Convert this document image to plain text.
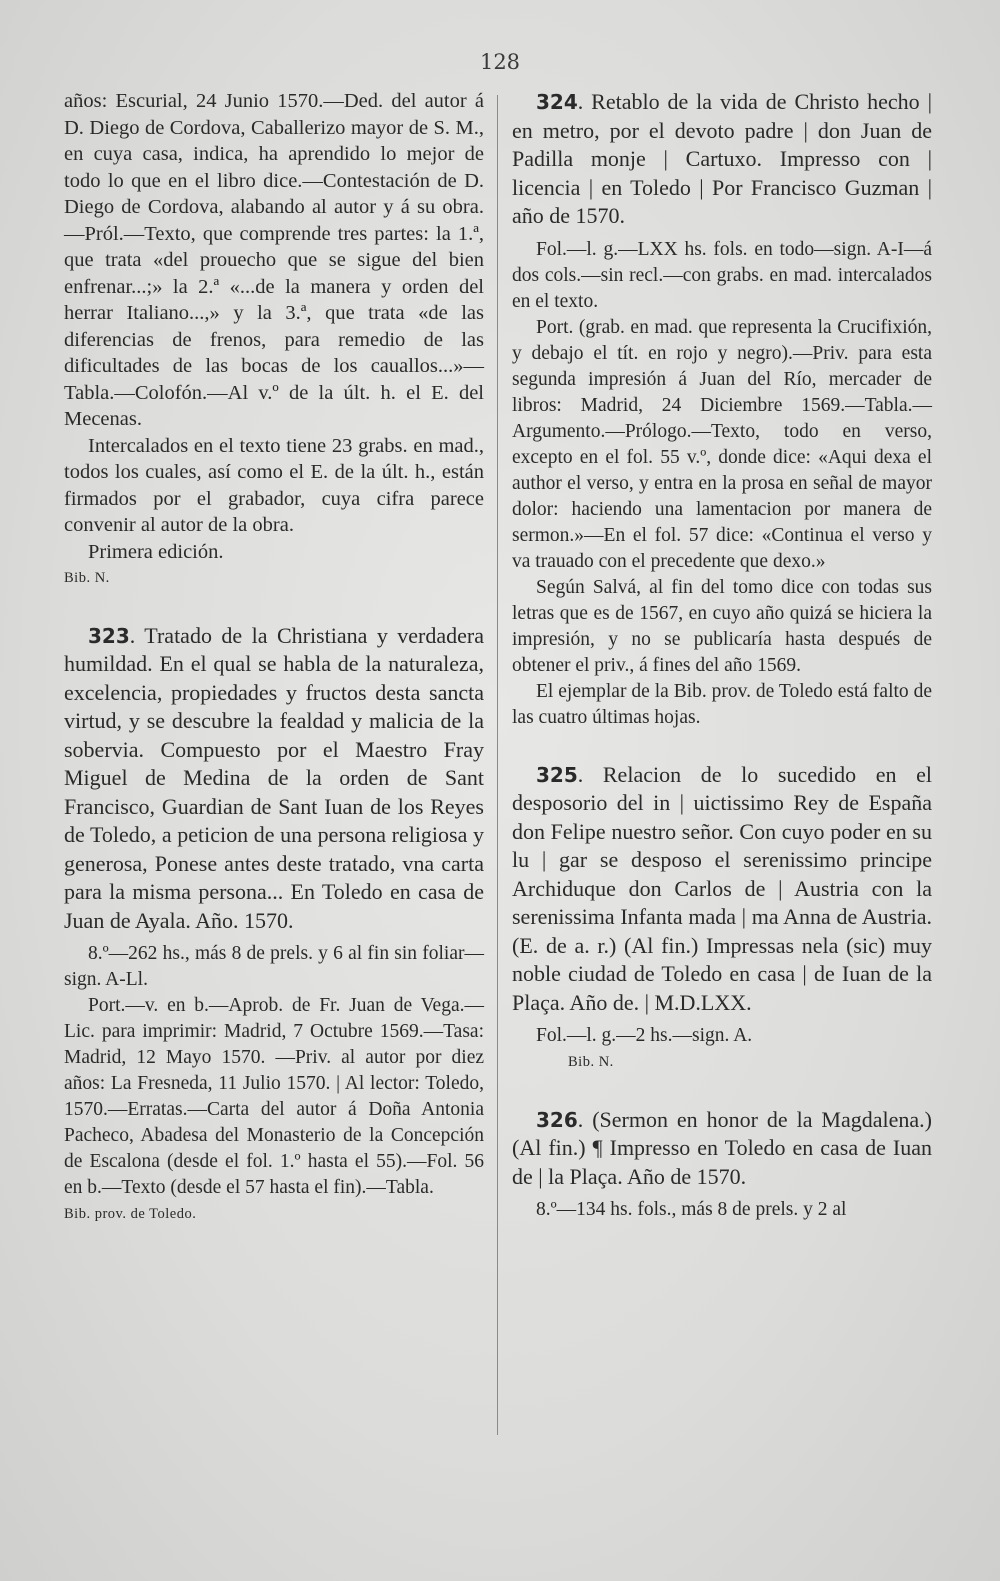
128

años: Escurial, 24 Junio 1570.—Ded. del autor á D. Diego de Cordova, Caballerizo mayor de S. M., en cuya casa, indica, ha aprendido lo mejor de todo lo que en el libro dice.—Contestación de D. Diego de Cordova, alabando al autor y á su obra.—Pról.—Texto, que comprende tres partes: la 1.ª, que trata «del prouecho que se sigue del bien enfrenar...;» la 2.ª «...de la manera y orden del herrar Italiano...,» y la 3.ª, que trata «de las diferencias de frenos, para remedio de las dificultades de las bocas de los cauallos...»—Tabla.—Colofón.—Al v.º de la últ. h. el E. del Mecenas.

Intercalados en el texto tiene 23 grabs. en mad., todos los cuales, así como el E. de la últ. h., están firmados por el grabador, cuya cifra parece convenir al autor de la obra.

Primera edición.

Bib. N.

323. Tratado de la Christiana y verdadera humildad. En el qual se habla de la naturaleza, excelencia, propiedades y fructos desta sancta virtud, y se descubre la fealdad y malicia de la sobervia. Compuesto por el Maestro Fray Miguel de Medina de la orden de Sant Francisco, Guardian de Sant Iuan de los Reyes de Toledo, a peticion de una persona religiosa y generosa, Ponese antes deste tratado, vna carta para la misma persona... En Toledo en casa de Juan de Ayala. Año. 1570.

8.º—262 hs., más 8 de prels. y 6 al fin sin foliar—sign. A-Ll.

Port.—v. en b.—Aprob. de Fr. Juan de Vega.—Lic. para imprimir: Madrid, 7 Octubre 1569.—Tasa: Madrid, 12 Mayo 1570. —Priv. al autor por diez años: La Fresneda, 11 Julio 1570. | Al lector: Toledo, 1570.—Erratas.—Carta del autor á Doña Antonia Pacheco, Abadesa del Monasterio de la Concepción de Escalona (desde el fol. 1.º hasta el 55).—Fol. 56 en b.—Texto (desde el 57 hasta el fin).—Tabla.

Bib. prov. de Toledo.

324. Retablo de la vida de Christo hecho | en metro, por el devoto padre | don Juan de Padilla monje | Cartuxo. Impresso con | licencia | en Toledo | Por Francisco Guzman | año de 1570.

Fol.—l. g.—LXX hs. fols. en todo—sign. A-I—á dos cols.—sin recl.—con grabs. en mad. intercalados en el texto.

Port. (grab. en mad. que representa la Crucifixión, y debajo el tít. en rojo y negro).—Priv. para esta segunda impresión á Juan del Río, mercader de libros: Madrid, 24 Diciembre 1569.—Tabla.—Argumento.—Prólogo.—Texto, todo en verso, excepto en el fol. 55 v.º, donde dice: «Aqui dexa el author el verso, y entra en la prosa en señal de mayor dolor: haciendo una lamentacion por manera de sermon.»—En el fol. 57 dice: «Continua el verso y va trauado con el precedente que dexo.»

Según Salvá, al fin del tomo dice con todas sus letras que es de 1567, en cuyo año quizá se hiciera la impresión, y no se publicaría hasta después de obtener el priv., á fines del año 1569.

El ejemplar de la Bib. prov. de Toledo está falto de las cuatro últimas hojas.

325. Relacion de lo sucedido en el desposorio del in | uictissimo Rey de España don Felipe nuestro señor. Con cuyo poder en su lu | gar se desposo el serenissimo principe Archiduque don Carlos de | Austria con la serenissima Infanta mada | ma Anna de Austria. (E. de a. r.) (Al fin.) Impressas nela (sic) muy noble ciudad de Toledo en casa | de Iuan de la Plaça. Año de. | M.D.LXX.

Fol.—l. g.—2 hs.—sign. A.

Bib. N.

326. (Sermon en honor de la Magdalena.) (Al fin.) ¶ Impresso en Toledo en casa de Iuan de | la Plaça. Año de 1570.

8.º—134 hs. fols., más 8 de prels. y 2 al
